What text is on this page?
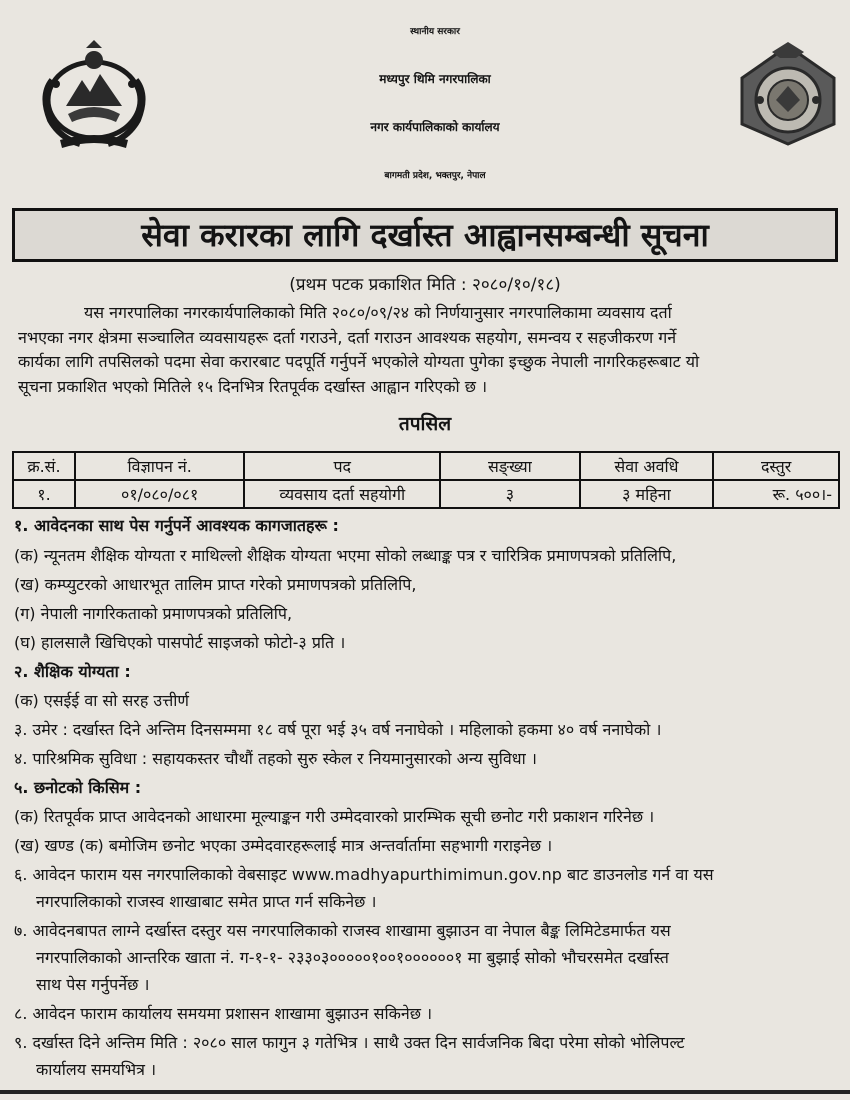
स्थानीय सरकार
मध्यपुर थिमि नगरपालिका
नगर कार्यपालिकाको कार्यालय
बागमती प्रदेश, भक्तपुर, नेपाल
सेवा करारका लागि दर्खास्त आह्वानसम्बन्धी सूचना
(प्रथम पटक प्रकाशित मिति : २०८०/१०/१८)
यस नगरपालिका नगरकार्यपालिकाको मिति २०८०/०९/२४ को निर्णयानुसार नगरपालिकामा व्यवसाय दर्ता
नभएका नगर क्षेत्रमा सञ्चालित व्यवसायहरू दर्ता गराउने, दर्ता गराउन आवश्यक सहयोग, समन्वय र सहजीकरण गर्ने
कार्यका लागि तपसिलको पदमा सेवा करारबाट पदपूर्ति गर्नुपर्ने भएकोले योग्यता पुगेका इच्छुक नेपाली नागरिकहरूबाट यो
सूचना प्रकाशित भएको मितिले १५ दिनभित्र रितपूर्वक दर्खास्त आह्वान गरिएको छ ।
तपसिल
क्र.सं.	विज्ञापन नं.	पद	सङ्ख्या	सेवा अवधि	दस्तुर
१.	०१/०८०/०८१	व्यवसाय दर्ता सहयोगी	३	३ महिना	रू. ५००।-
१. आवेदनका साथ पेस गर्नुपर्ने आवश्यक कागजातहरू :
(क) न्यूनतम शैक्षिक योग्यता र माथिल्लो शैक्षिक योग्यता भएमा सोको लब्धाङ्क पत्र र चारित्रिक प्रमाणपत्रको प्रतिलिपि,
(ख) कम्प्युटरको आधारभूत तालिम प्राप्त गरेको प्रमाणपत्रको प्रतिलिपि,
(ग) नेपाली नागरिकताको प्रमाणपत्रको प्रतिलिपि,
(घ) हालसालै खिचिएको पासपोर्ट साइजको फोटो-३ प्रति ।
२. शैक्षिक योग्यता :
(क) एसईई वा सो सरह उत्तीर्ण
३. उमेर : दर्खास्त दिने अन्तिम दिनसम्ममा १८ वर्ष पूरा भई ३५ वर्ष ननाघेको । महिलाको हकमा ४० वर्ष ननाघेको ।
४. पारिश्रमिक सुविधा : सहायकस्तर चौथौं तहको सुरु स्केल र नियमानुसारको अन्य सुविधा ।
५. छनोटको किसिम :
(क) रितपूर्वक प्राप्त आवेदनको आधारमा मूल्याङ्कन गरी उम्मेदवारको प्रारम्भिक सूची छनोट गरी प्रकाशन गरिनेछ ।
(ख) खण्ड (क) बमोजिम छनोट भएका उम्मेदवारहरूलाई मात्र अन्तर्वार्तामा सहभागी गराइनेछ ।
६. आवेदन फाराम यस नगरपालिकाको वेबसाइट www.madhyapurthimimun.gov.np बाट डाउनलोड गर्न वा यस
नगरपालिकाको राजस्व शाखाबाट समेत प्राप्त गर्न सकिनेछ ।
७. आवेदनबापत लाग्ने दर्खास्त दस्तुर यस नगरपालिकाको राजस्व शाखामा बुझाउन वा नेपाल बैङ्क लिमिटेडमार्फत यस
नगरपालिकाको आन्तरिक खाता नं. ग-१-१- २३३०३०००००१००१००००००१ मा बुझाई सोको भौचरसमेत दर्खास्त
साथ पेस गर्नुपर्नेछ ।
८. आवेदन फाराम कार्यालय समयमा प्रशासन शाखामा बुझाउन सकिनेछ ।
९. दर्खास्त दिने अन्तिम मिति : २०८० साल फागुन ३ गतेभित्र । साथै उक्त दिन सार्वजनिक बिदा परेमा सोको भोलिपल्ट
कार्यालय समयभित्र ।
